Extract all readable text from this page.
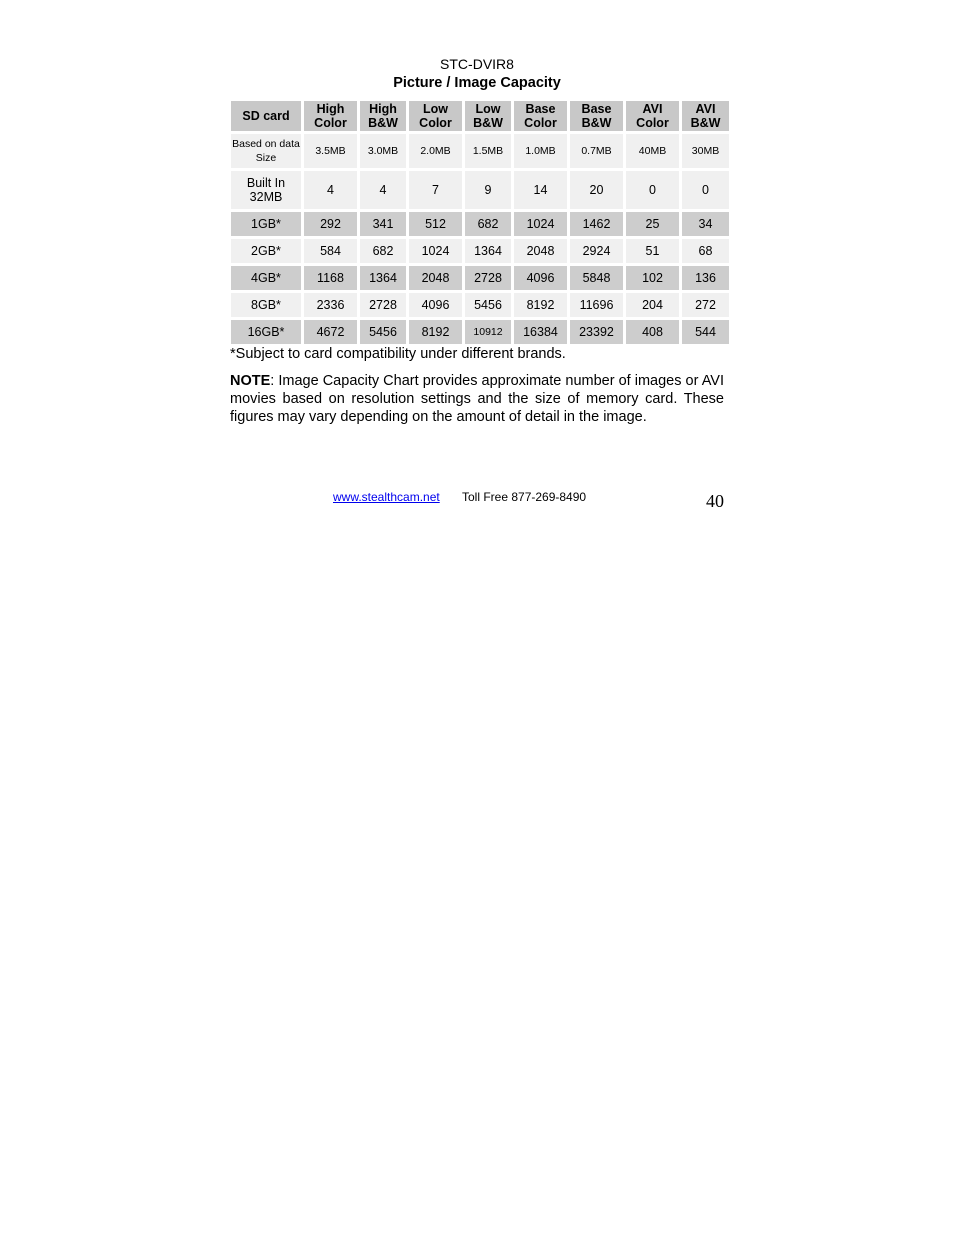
STC-DVIR8
Picture / Image Capacity
SD card	High Color	High B&W	Low Color	Low B&W	Base Color	Base B&W	AVI Color	AVI B&W
Based on data Size	3.5MB	3.0MB	2.0MB	1.5MB	1.0MB	0.7MB	40MB	30MB
Built In 32MB	4	4	7	9	14	20	0	0
1GB*	292	341	512	682	1024	1462	25	34
2GB*	584	682	1024	1364	2048	2924	51	68
4GB*	1168	1364	2048	2728	4096	5848	102	136
8GB*	2336	2728	4096	5456	8192	11696	204	272
16GB*	4672	5456	8192	10912	16384	23392	408	544
*Subject to card compatibility under different brands.
NOTE: Image Capacity Chart provides approximate number of images or AVI movies based on resolution settings and the size of memory card. These figures may vary depending on the amount of detail in the image.
www.stealthcam.net Toll Free 877-269-8490	40
